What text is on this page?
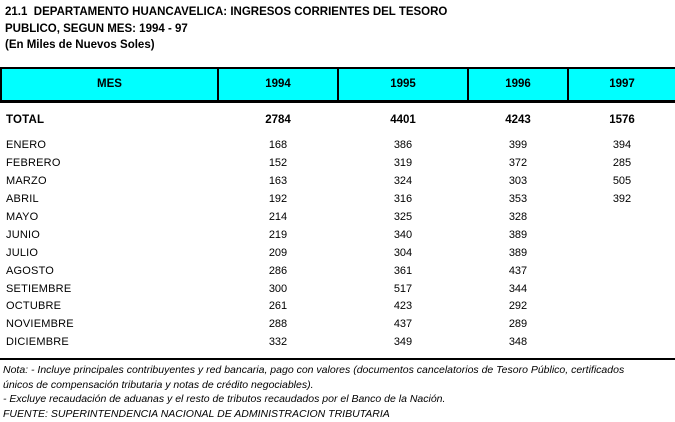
21.1  DEPARTAMENTO HUANCAVELICA: INGRESOS CORRIENTES DEL TESORO
PUBLICO, SEGUN MES: 1994 - 97
(En Miles de Nuevos Soles)
MES	1994	1995	1996	1997
TOTAL	2784	4401	4243	1576
ENERO	168	386	399	394
FEBRERO	152	319	372	285
MARZO	163	324	303	505
ABRIL	192	316	353	392
MAYO	214	325	328	
JUNIO	219	340	389	
JULIO	209	304	389	
AGOSTO	286	361	437	
SETIEMBRE	300	517	344	
OCTUBRE	261	423	292	
NOVIEMBRE	288	437	289	
DICIEMBRE	332	349	348	
Nota: - Incluye principales contribuyentes y red bancaria, pago con valores (documentos cancelatorios de Tesoro Público, certificados
únicos de compensación tributaria y notas de crédito negociables).
- Excluye recaudación de aduanas y el resto de tributos recaudados por el Banco de la Nación.
FUENTE: SUPERINTENDENCIA NACIONAL DE ADMINISTRACION TRIBUTARIA
